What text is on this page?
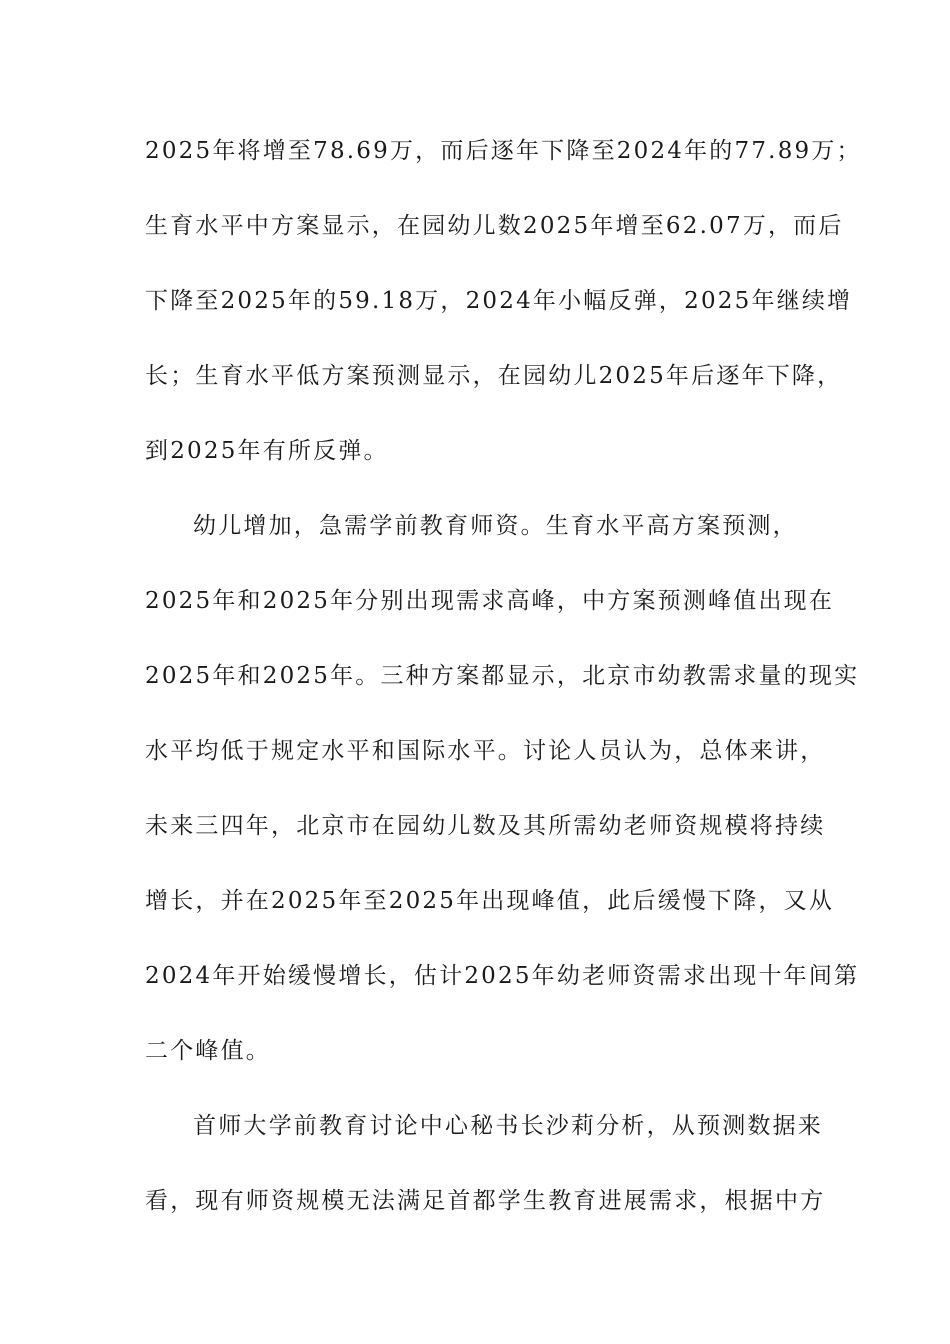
2025年将增至78.69万，而后逐年下降至2024年的77.89万；
生育水平中方案显示，在园幼儿数2025年增至62.07万，而后
下降至2025年的59.18万，2024年小幅反弹，2025年继续增
长；生育水平低方案预测显示，在园幼儿2025年后逐年下降，
到2025年有所反弹。
幼儿增加，急需学前教育师资。生育水平高方案预测，
2025年和2025年分别出现需求高峰，中方案预测峰值出现在
2025年和2025年。三种方案都显示，北京市幼教需求量的现实
水平均低于规定水平和国际水平。讨论人员认为，总体来讲，
未来三四年，北京市在园幼儿数及其所需幼老师资规模将持续
增长，并在2025年至2025年出现峰值，此后缓慢下降，又从
2024年开始缓慢增长，估计2025年幼老师资需求出现十年间第
二个峰值。
首师大学前教育讨论中心秘书长沙莉分析，从预测数据来
看，现有师资规模无法满足首都学生教育进展需求，根据中方
